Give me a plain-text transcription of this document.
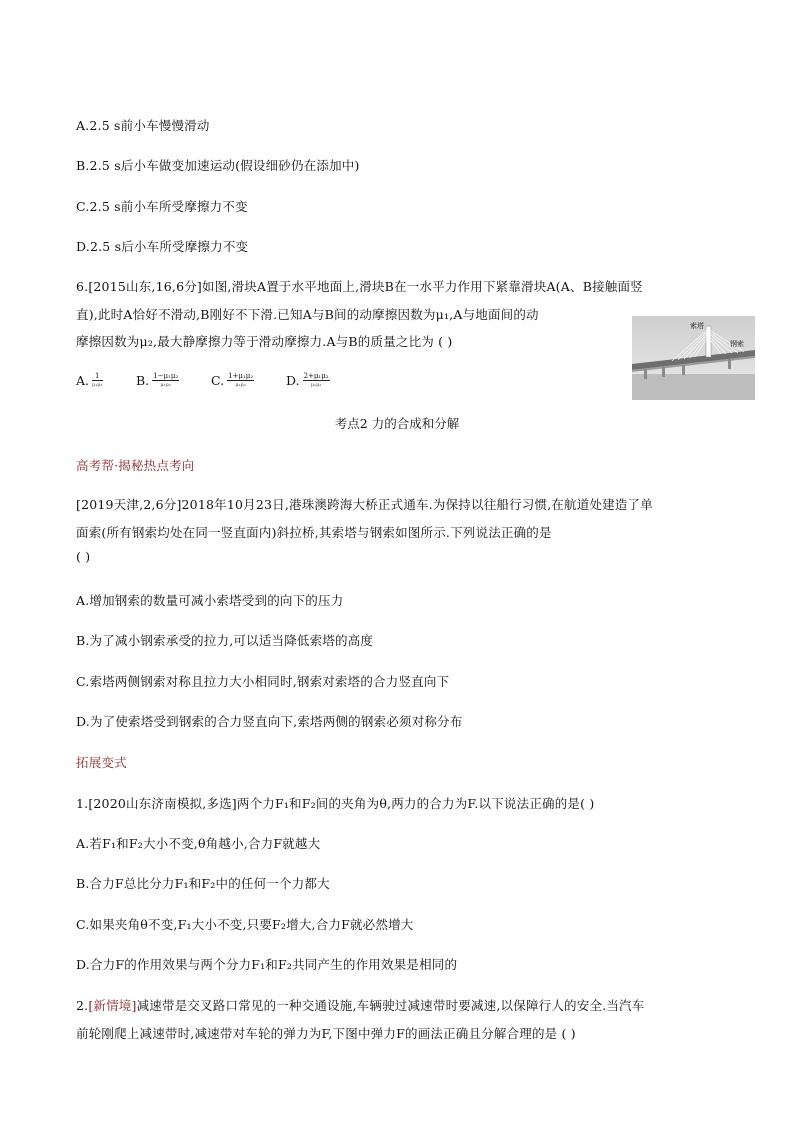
A.2.5 s前小车慢慢滑动
B.2.5 s后小车做变加速运动(假设细砂仍在添加中)
C.2.5 s前小车所受摩擦力不变
D.2.5 s后小车所受摩擦力不变
6.[2015山东,16,6分]如图,滑块A置于水平地面上,滑块B在一水平力作用下紧靠滑块A(A、B接触面竖
直),此时A恰好不滑动,B刚好不下滑.已知A与B间的动摩擦因数为μ₁,A与地面间的动
摩擦因数为μ₂,最大静摩擦力等于滑动摩擦力.A与B的质量之比为 ( )
A. $\frac{1}{\text{μ₁μ₂}}$	B. $\frac{\text{1−μ₁μ₂}}{\text{μ₁μ₂}}$	C. $\frac{\text{1+μ₁μ₂}}{\text{μ₁μ₂}}$	D. $\frac{\text{2+μ₁μ₂}}{\text{μ₁μ₂}}$
索塔
钢索
考点2 力的合成和分解
高考帮·揭秘热点考向
[2019天津,2,6分]2018年10月23日,港珠澳跨海大桥正式通车.为保持以往船行习惯,在航道处建造了单
面索(所有钢索均处在同一竖直面内)斜拉桥,其索塔与钢索如图所示.下列说法正确的是
( )
A.增加钢索的数量可减小索塔受到的向下的压力
B.为了减小钢索承受的拉力,可以适当降低索塔的高度
C.索塔两侧钢索对称且拉力大小相同时,钢索对索塔的合力竖直向下
D.为了使索塔受到钢索的合力竖直向下,索塔两侧的钢索必须对称分布
拓展变式
1.[2020山东济南模拟,多选]两个力F₁和F₂间的夹角为θ,两力的合力为F.以下说法正确的是( )
A.若F₁和F₂大小不变,θ角越小,合力F就越大
B.合力F总比分力F₁和F₂中的任何一个力都大
C.如果夹角θ不变,F₁大小不变,只要F₂增大,合力F就必然增大
D.合力F的作用效果与两个分力F₁和F₂共同产生的作用效果是相同的
2.[新情境]减速带是交叉路口常见的一种交通设施,车辆驶过减速带时要减速,以保障行人的安全.当汽车
前轮刚爬上减速带时,减速带对车轮的弹力为F,下图中弹力F的画法正确且分解合理的是 ( )
